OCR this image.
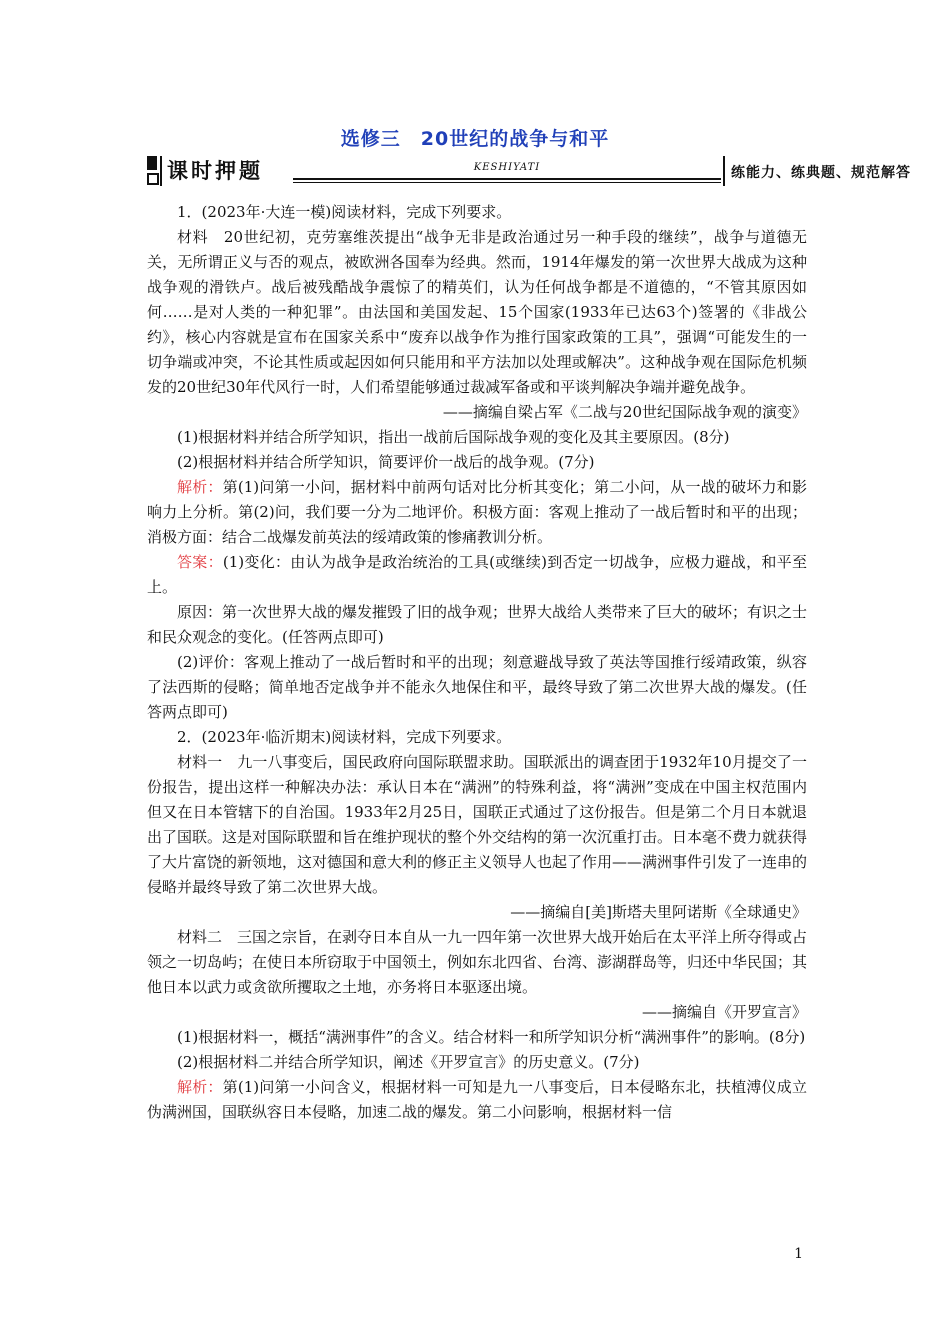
选修三　20世纪的战争与和平
课时押题	KESHIYATI	练能力、练典题、规范解答

1．(2023年·大连一模)阅读材料，完成下列要求。

材料　20世纪初，克劳塞维茨提出“战争无非是政治通过另一种手段的继续”，战争与道德无关，无所谓正义与否的观点，被欧洲各国奉为经典。然而，1914年爆发的第一次世界大战成为这种战争观的滑铁卢。战后被残酷战争震惊了的精英们，认为任何战争都是不道德的，“不管其原因如何……是对人类的一种犯罪”。由法国和美国发起、15个国家(1933年已达63个)签署的《非战公约》，核心内容就是宣布在国家关系中“废弃以战争作为推行国家政策的工具”，强调“可能发生的一切争端或冲突，不论其性质或起因如何只能用和平方法加以处理或解决”。这种战争观在国际危机频发的20世纪30年代风行一时，人们希望能够通过裁减军备或和平谈判解决争端并避免战争。

——摘编自梁占军《二战与20世纪国际战争观的演变》

(1)根据材料并结合所学知识，指出一战前后国际战争观的变化及其主要原因。(8分)

(2)根据材料并结合所学知识，简要评价一战后的战争观。(7分)

解析：第(1)问第一小问，据材料中前两句话对比分析其变化；第二小问，从一战的破坏力和影响力上分析。第(2)问，我们要一分为二地评价。积极方面：客观上推动了一战后暂时和平的出现；消极方面：结合二战爆发前英法的绥靖政策的惨痛教训分析。

答案：(1)变化：由认为战争是政治统治的工具(或继续)到否定一切战争，应极力避战，和平至上。

原因：第一次世界大战的爆发摧毁了旧的战争观；世界大战给人类带来了巨大的破坏；有识之士和民众观念的变化。(任答两点即可)

(2)评价：客观上推动了一战后暂时和平的出现；刻意避战导致了英法等国推行绥靖政策，纵容了法西斯的侵略；简单地否定战争并不能永久地保住和平，最终导致了第二次世界大战的爆发。(任答两点即可)

2．(2023年·临沂期末)阅读材料，完成下列要求。

材料一　九一八事变后，国民政府向国际联盟求助。国联派出的调查团于1932年10月提交了一份报告，提出这样一种解决办法：承认日本在“满洲”的特殊利益，将“满洲”变成在中国主权范围内但又在日本管辖下的自治国。1933年2月25日，国联正式通过了这份报告。但是第二个月日本就退出了国联。这是对国际联盟和旨在维护现状的整个外交结构的第一次沉重打击。日本毫不费力就获得了大片富饶的新领地，这对德国和意大利的修正主义领导人也起了作用——满洲事件引发了一连串的侵略并最终导致了第二次世界大战。

——摘编自[美]斯塔夫里阿诺斯《全球通史》

材料二　三国之宗旨，在剥夺日本自从一九一四年第一次世界大战开始后在太平洋上所夺得或占领之一切岛屿；在使日本所窃取于中国领土，例如东北四省、台湾、澎湖群岛等，归还中华民国；其他日本以武力或贪欲所攫取之土地，亦务将日本驱逐出境。

——摘编自《开罗宣言》

(1)根据材料一，概括“满洲事件”的含义。结合材料一和所学知识分析“满洲事件”的影响。(8分)

(2)根据材料二并结合所学知识，阐述《开罗宣言》的历史意义。(7分)

解析：第(1)问第一小问含义，根据材料一可知是九一八事变后，日本侵略东北，扶植溥仪成立伪满洲国，国联纵容日本侵略，加速二战的爆发。第二小问影响，根据材料一信

1
